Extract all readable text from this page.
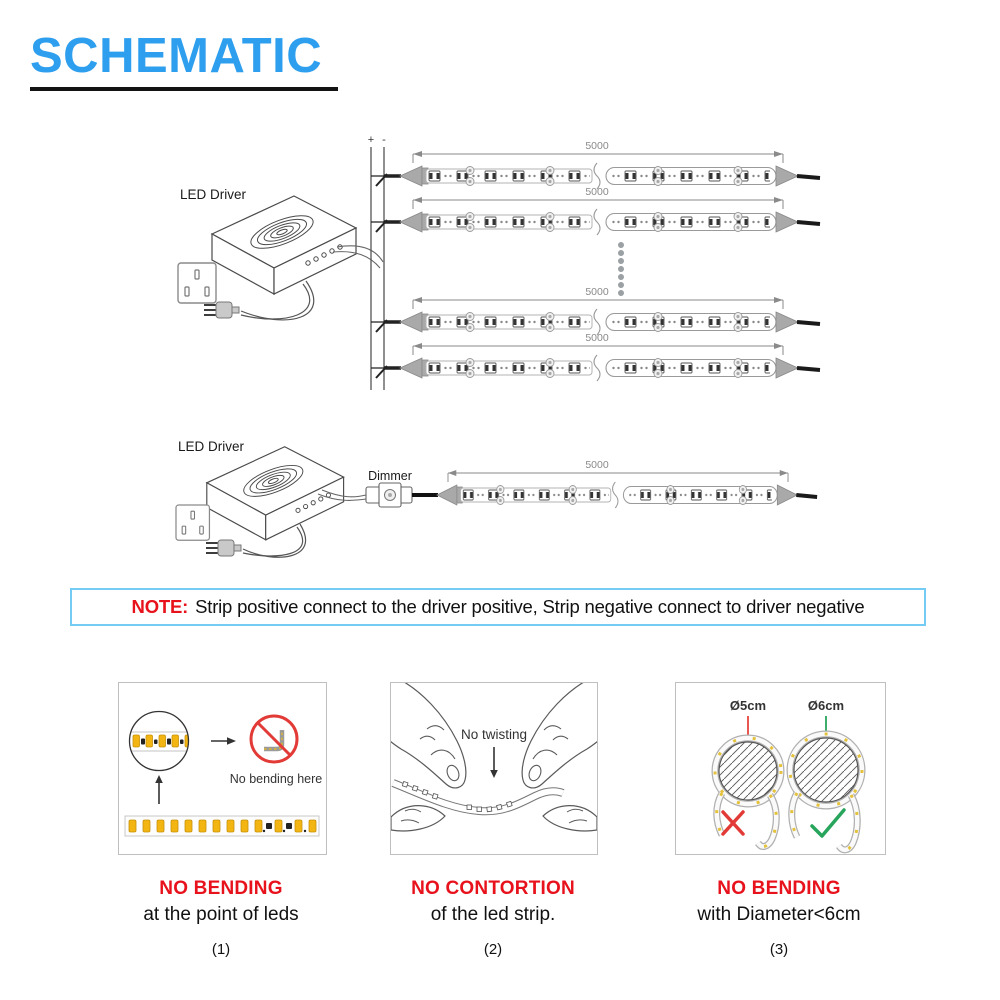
SCHEMATIC
LED Driver
+ -	5000
5000
5000
5000
LED Driver
Dimmer
5000
NOTE: Strip positive connect to the driver positive, Strip negative connect to driver negative
No bending here
No twisting
Ø5cm	Ø6cm
NO BENDING
at the point of leds
(1)
NO CONTORTION
of the led strip.
(2)
NO BENDING
with Diameter<6cm
(3)
